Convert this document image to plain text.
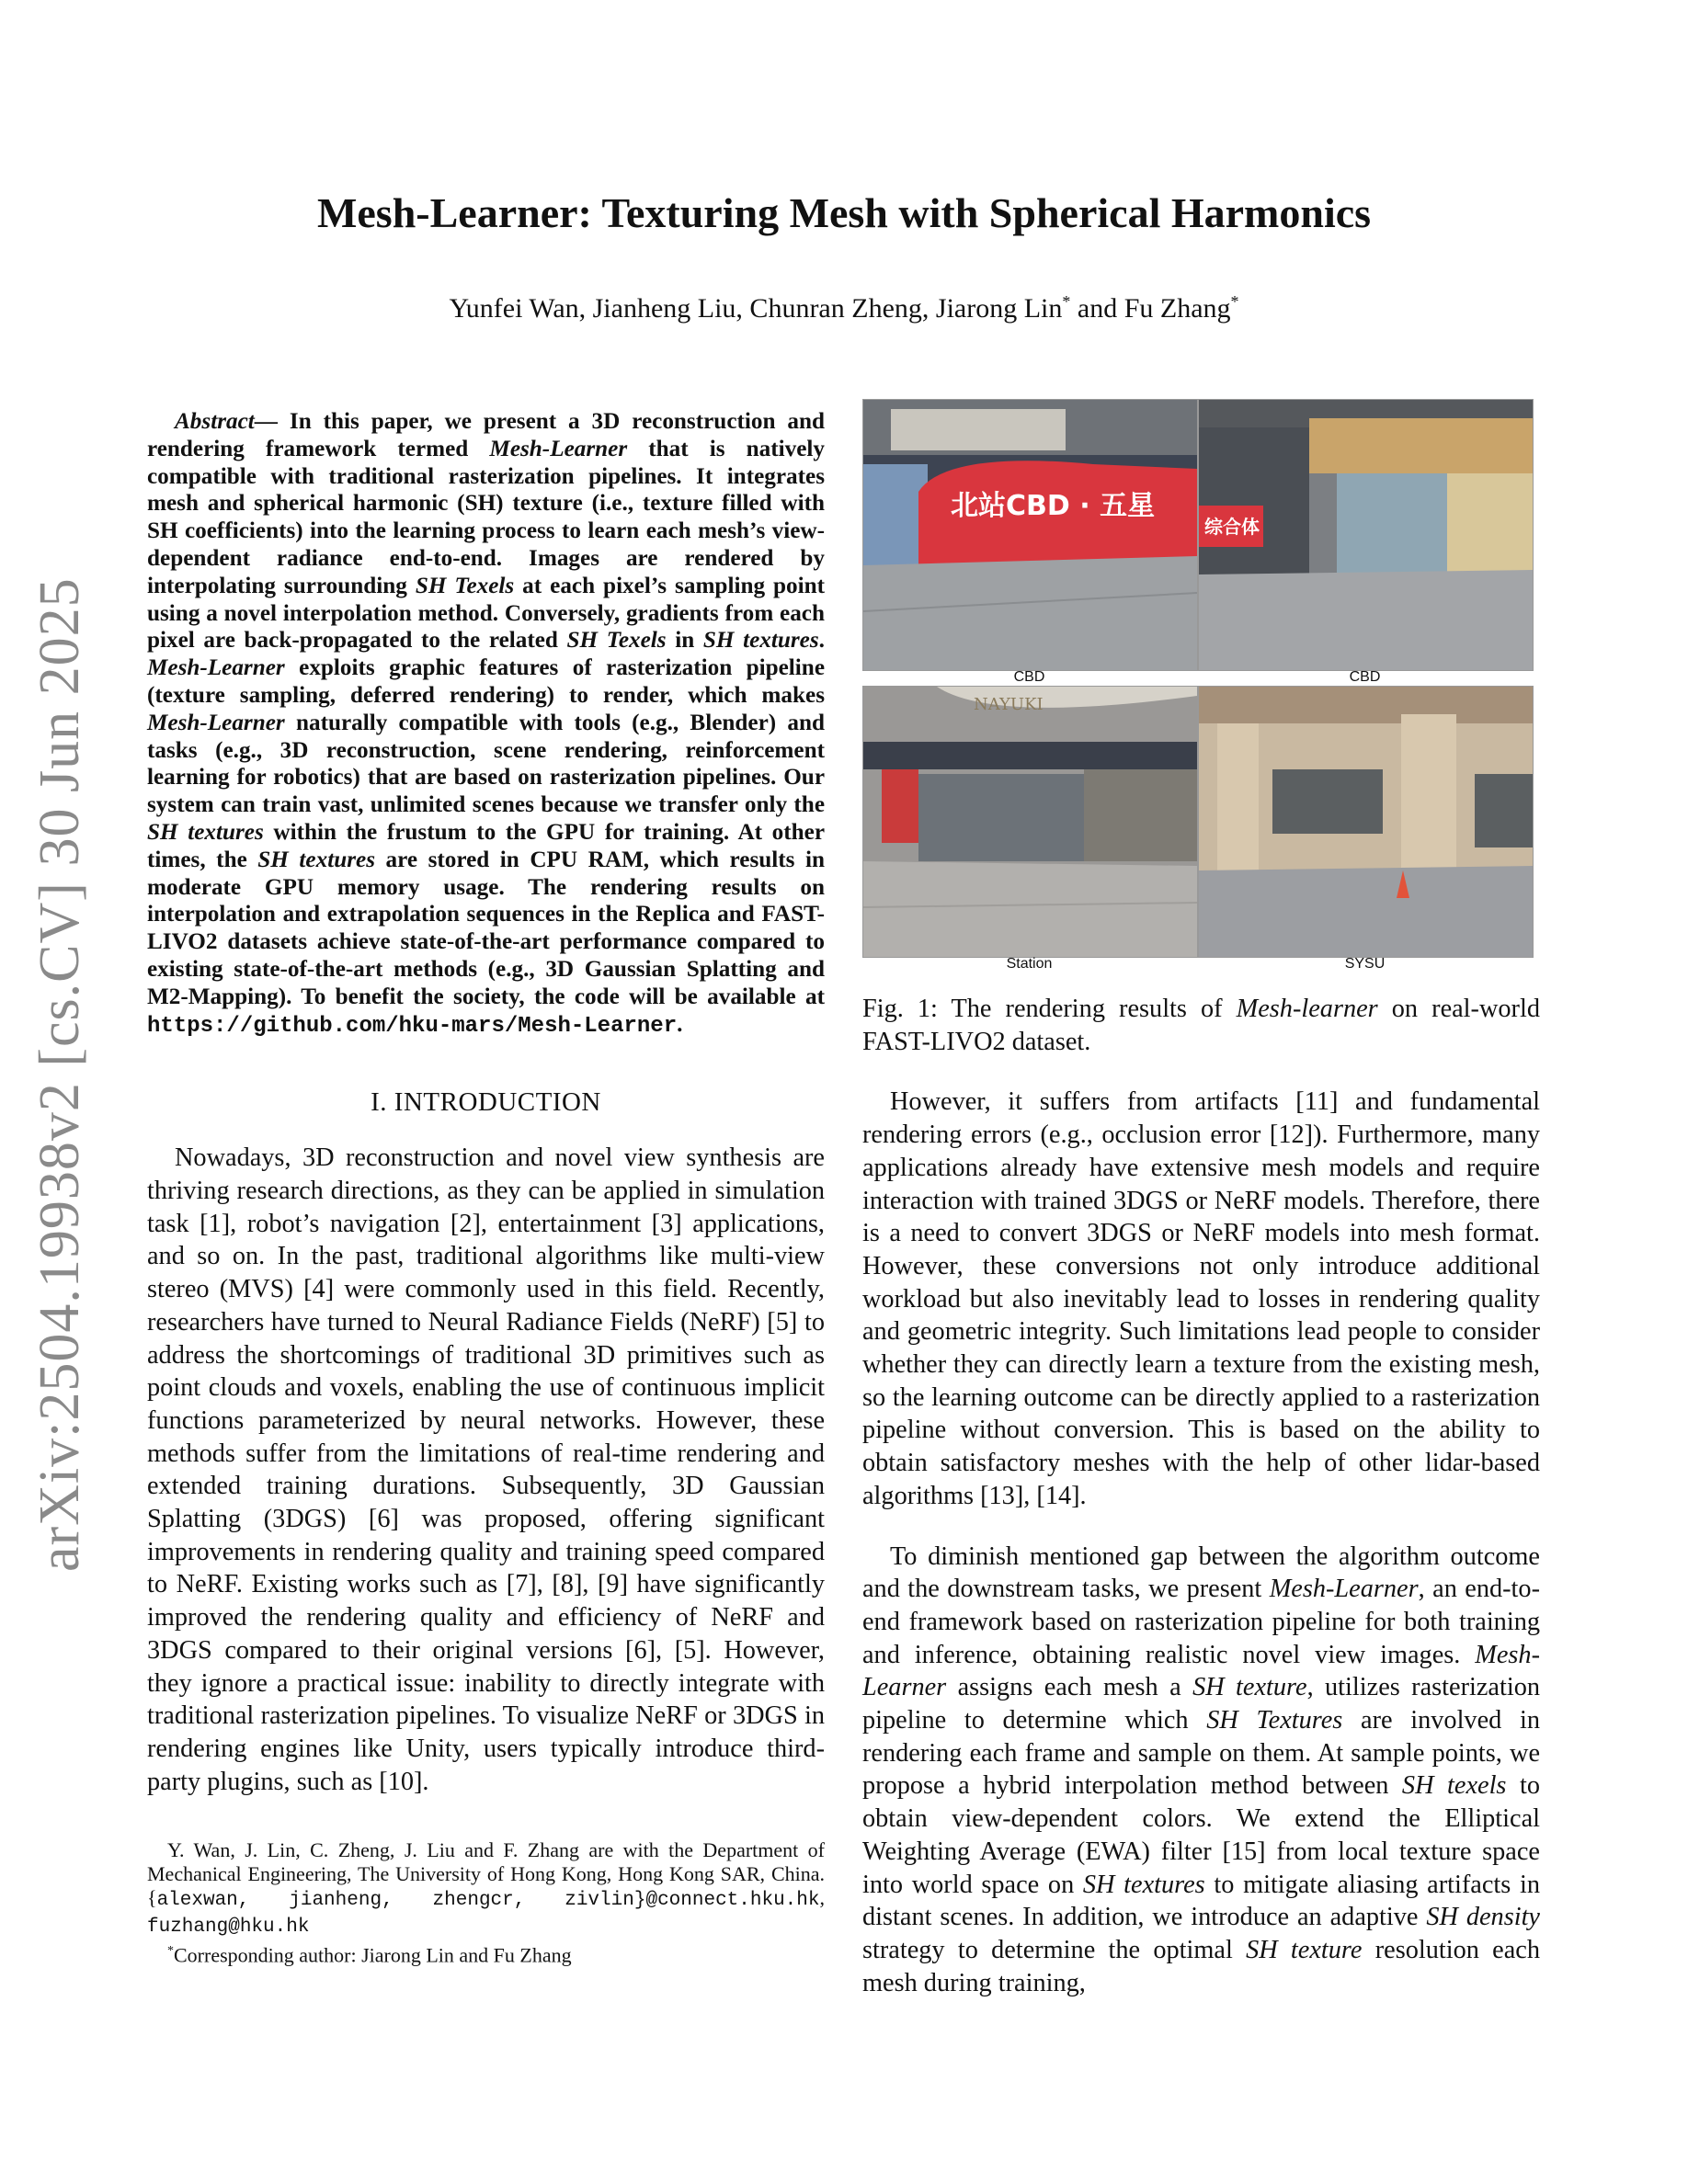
arXiv:2504.19938v2 [cs.CV] 30 Jun 2025
Mesh-Learner: Texturing Mesh with Spherical Harmonics

Yunfei Wan, Jianheng Liu, Chunran Zheng, Jiarong Lin* and Fu Zhang*

Abstract— In this paper, we present a 3D reconstruction and rendering framework termed Mesh-Learner that is natively compatible with traditional rasterization pipelines. It integrates mesh and spherical harmonic (SH) texture (i.e., texture filled with SH coefficients) into the learning process to learn each mesh’s view-dependent radiance end-to-end. Images are rendered by interpolating surrounding SH Texels at each pixel’s sampling point using a novel interpolation method. Conversely, gradients from each pixel are back-propagated to the related SH Texels in SH textures. Mesh-Learner exploits graphic features of rasterization pipeline (texture sampling, deferred rendering) to render, which makes Mesh-Learner naturally compatible with tools (e.g., Blender) and tasks (e.g., 3D reconstruction, scene rendering, reinforcement learning for robotics) that are based on rasterization pipelines. Our system can train vast, unlimited scenes because we transfer only the SH textures within the frustum to the GPU for training. At other times, the SH textures are stored in CPU RAM, which results in moderate GPU memory usage. The rendering results on interpolation and extrapolation sequences in the Replica and FAST-LIVO2 datasets achieve state-of-the-art performance compared to existing state-of-the-art methods (e.g., 3D Gaussian Splatting and M2-Mapping). To benefit the society, the code will be available at https://github.com/hku-mars/Mesh-Learner.

I. INTRODUCTION

Nowadays, 3D reconstruction and novel view synthesis are thriving research directions, as they can be applied in simulation task [1], robot’s navigation [2], entertainment [3] applications, and so on. In the past, traditional algorithms like multi-view stereo (MVS) [4] were commonly used in this field. Recently, researchers have turned to Neural Radiance Fields (NeRF) [5] to address the shortcomings of traditional 3D primitives such as point clouds and voxels, enabling the use of continuous implicit functions parameterized by neural networks. However, these methods suffer from the limitations of real-time rendering and extended training durations. Subsequently, 3D Gaussian Splatting (3DGS) [6] was proposed, offering significant improvements in rendering quality and training speed compared to NeRF. Existing works such as [7], [8], [9] have significantly improved the rendering quality and efficiency of NeRF and 3DGS compared to their original versions [6], [5]. However, they ignore a practical issue: inability to directly integrate with traditional rasterization pipelines. To visualize NeRF or 3DGS in rendering engines like Unity, users typically introduce third-party plugins, such as [10].

Y. Wan, J. Lin, C. Zheng, J. Liu and F. Zhang are with the Department of Mechanical Engineering, The University of Hong Kong, Hong Kong SAR, China. {alexwan, jianheng, zhengcr, zivlin}@connect.hku.hk, fuzhang@hku.hk

*Corresponding author: Jiarong Lin and Fu Zhang

北站CBD · 五星
CBD
综合体
CBD
NAYUKI
Station	SYSU

Fig. 1: The rendering results of Mesh-learner on real-world FAST-LIVO2 dataset.

However, it suffers from artifacts [11] and fundamental rendering errors (e.g., occlusion error [12]). Furthermore, many applications already have extensive mesh models and require interaction with trained 3DGS or NeRF models. Therefore, there is a need to convert 3DGS or NeRF models into mesh format. However, these conversions not only introduce additional workload but also inevitably lead to losses in rendering quality and geometric integrity. Such limitations lead people to consider whether they can directly learn a texture from the existing mesh, so the learning outcome can be directly applied to a rasterization pipeline without conversion. This is based on the ability to obtain satisfactory meshes with the help of other lidar-based algorithms [13], [14].

To diminish mentioned gap between the algorithm outcome and the downstream tasks, we present Mesh-Learner, an end-to-end framework based on rasterization pipeline for both training and inference, obtaining realistic novel view images. Mesh-Learner assigns each mesh a SH texture, utilizes rasterization pipeline to determine which SH Textures are involved in rendering each frame and sample on them. At sample points, we propose a hybrid interpolation method between SH texels to obtain view-dependent colors. We extend the Elliptical Weighting Average (EWA) filter [15] from local texture space into world space on SH textures to mitigate aliasing artifacts in distant scenes. In addition, we introduce an adaptive SH density strategy to determine the optimal SH texture resolution each mesh during training,
